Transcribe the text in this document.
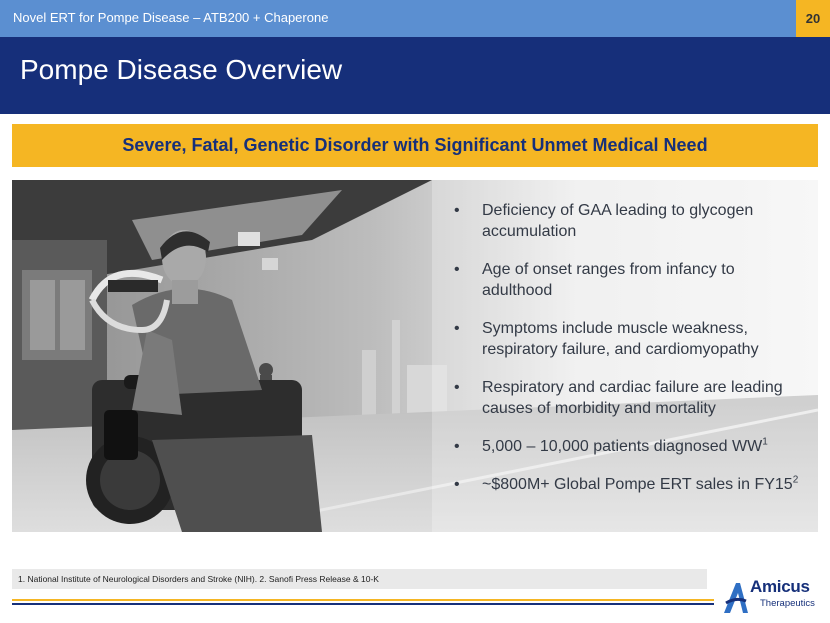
Novel ERT for Pompe Disease – ATB200 + Chaperone	20
Pompe Disease Overview
Severe, Fatal, Genetic Disorder with Significant Unmet Medical Need
• Deficiency of GAA leading to glycogen accumulation
• Age of onset ranges from infancy to adulthood
• Symptoms include muscle weakness, respiratory failure, and cardiomyopathy
• Respiratory and cardiac failure are leading causes of morbidity and mortality
• 5,000 – 10,000 patients diagnosed $WW^1$
• ~$800M+ Global Pompe ERT sales in $FY15^2$
1. National Institute of Neurological Disorders and Stroke (NIH). 2. Sanofi Press Release & 10-K	Amicus
Therapeutics
